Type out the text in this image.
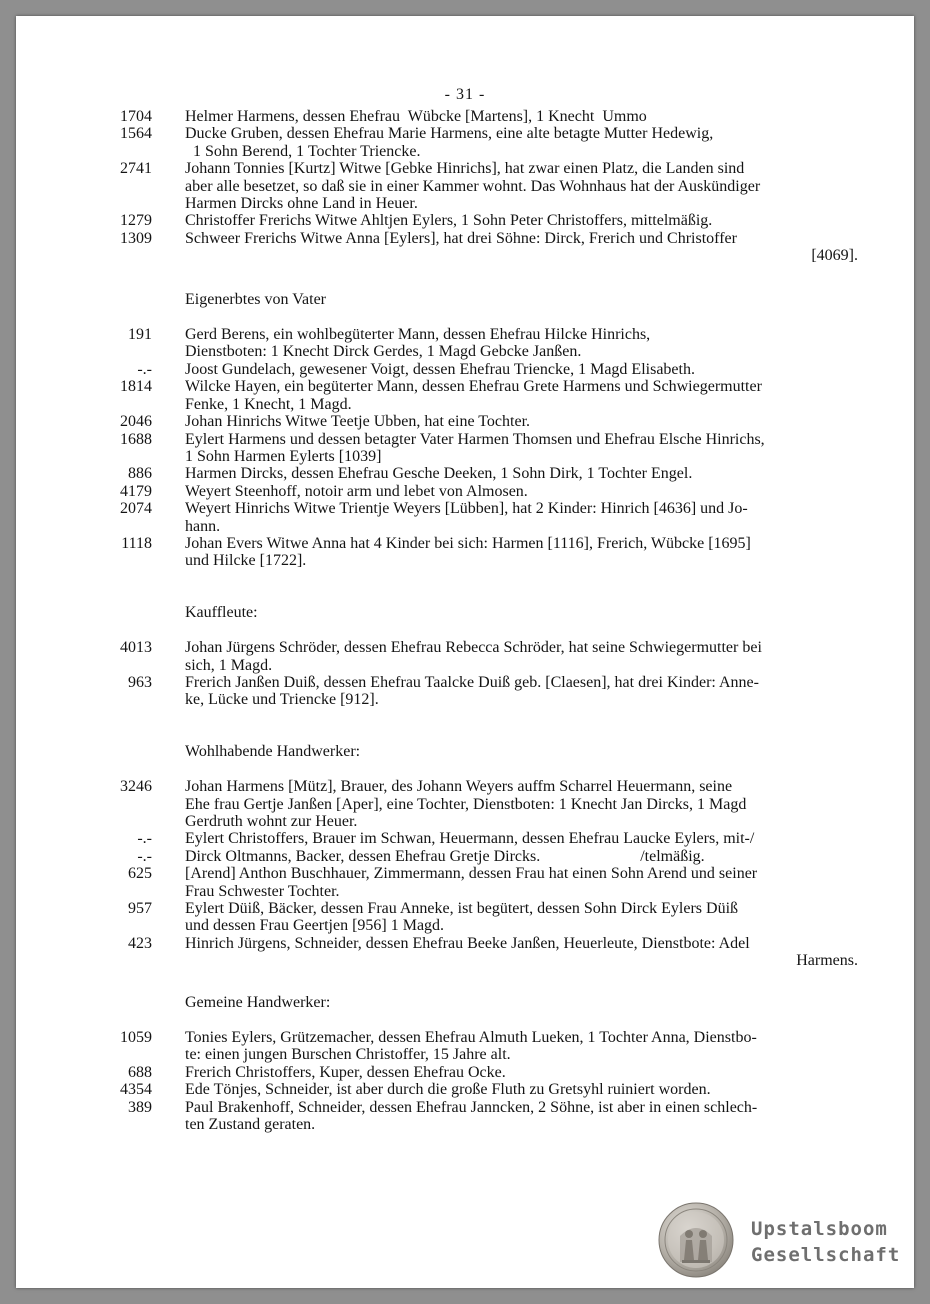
- 31 -
1704 Helmer Harmens, dessen Ehefrau  Wübcke [Martens], 1 Knecht  Ummo
1564 Ducke Gruben, dessen Ehefrau Marie Harmens, eine alte betagte Mutter Hedewig,
1 Sohn Berend, 1 Tochter Triencke.
2741 Johann Tonnies [Kurtz] Witwe [Gebke Hinrichs], hat zwar einen Platz, die Landen sind
aber alle besetzet, so daß sie in einer Kammer wohnt. Das Wohnhaus hat der Auskündiger
Harmen Dircks ohne Land in Heuer.
1279 Christoffer Frerichs Witwe Ahltjen Eylers, 1 Sohn Peter Christoffers, mittelmäßig.
1309 Schweer Frerichs Witwe Anna [Eylers], hat drei Söhne: Dirck, Frerich und Christoffer
[4069].
Eigenerbtes von Vater
191 Gerd Berens, ein wohlbegüterter Mann, dessen Ehefrau Hilcke Hinrichs,
Dienstboten: 1 Knecht Dirck Gerdes, 1 Magd Gebcke Janßen.
-.- Joost Gundelach, gewesener Voigt, dessen Ehefrau Triencke, 1 Magd Elisabeth.
1814 Wilcke Hayen, ein begüterter Mann, dessen Ehefrau Grete Harmens und Schwiegermutter
Fenke, 1 Knecht, 1 Magd.
2046 Johan Hinrichs Witwe Teetje Ubben, hat eine Tochter.
1688 Eylert Harmens und dessen betagter Vater Harmen Thomsen und Ehefrau Elsche Hinrichs,
1 Sohn Harmen Eylerts [1039]
886 Harmen Dircks, dessen Ehefrau Gesche Deeken, 1 Sohn Dirk, 1 Tochter Engel.
4179 Weyert Steenhoff, notoir arm und lebet von Almosen.
2074 Weyert Hinrichs Witwe Trientje Weyers [Lübben], hat 2 Kinder: Hinrich [4636] und Jo-
hann.
1118 Johan Evers Witwe Anna hat 4 Kinder bei sich: Harmen [1116], Frerich, Wübcke [1695]
und Hilcke [1722].
Kauffleute:
4013 Johan Jürgens Schröder, dessen Ehefrau Rebecca Schröder, hat seine Schwiegermutter bei
sich, 1 Magd.
963 Frerich Janßen Duiß, dessen Ehefrau Taalcke Duiß geb. [Claesen], hat drei Kinder: Anne-
ke, Lücke und Triencke [912].
Wohlhabende Handwerker:
3246 Johan Harmens [Mütz], Brauer, des Johann Weyers auffm Scharrel Heuermann, seine
Ehe frau Gertje Janßen [Aper], eine Tochter, Dienstboten: 1 Knecht Jan Dircks, 1 Magd
Gerdruth wohnt zur Heuer.
-.- Eylert Christoffers, Brauer im Schwan, Heuermann, dessen Ehefrau Laucke Eylers, mit-/
-.- Dirck Oltmanns, Backer, dessen Ehefrau Gretje Dircks.                         /telmäßig.
625 [Arend] Anthon Buschhauer, Zimmermann, dessen Frau hat einen Sohn Arend und seiner
Frau Schwester Tochter.
957 Eylert Düiß, Bäcker, dessen Frau Anneke, ist begütert, dessen Sohn Dirck Eylers Düiß
und dessen Frau Geertjen [956] 1 Magd.
423 Hinrich Jürgens, Schneider, dessen Ehefrau Beeke Janßen, Heuerleute, Dienstbote: Adel
Harmens.
Gemeine Handwerker:
1059 Tonies Eylers, Grützemacher, dessen Ehefrau Almuth Lueken, 1 Tochter Anna, Dienstbo-
te: einen jungen Burschen Christoffer, 15 Jahre alt.
688 Frerich Christoffers, Kuper, dessen Ehefrau Ocke.
4354 Ede Tönjes, Schneider, ist aber durch die große Fluth zu Gretsyhl ruiniert worden.
389 Paul Brakenhoff, Schneider, dessen Ehefrau Janncken, 2 Söhne, ist aber in einen schlech-
ten Zustand geraten.
Upstalsboom
Gesellschaft
